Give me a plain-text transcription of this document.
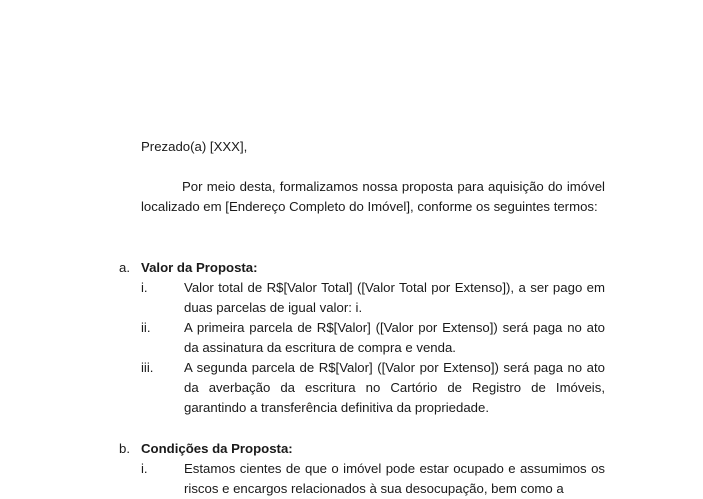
Prezado(a) [XXX],
Por meio desta, formalizamos nossa proposta para aquisição do imóvel localizado em [Endereço Completo do Imóvel], conforme os seguintes termos:
a. Valor da Proposta:
i.	Valor total de R$[Valor Total] ([Valor Total por Extenso]), a ser pago em duas parcelas de igual valor: i.
ii.	A primeira parcela de R$[Valor] ([Valor por Extenso]) será paga no ato da assinatura da escritura de compra e venda.
iii. A segunda parcela de R$[Valor] ([Valor por Extenso]) será paga no ato da averbação da escritura no Cartório de Registro de Imóveis, garantindo a transferência definitiva da propriedade.
b. Condições da Proposta:
i.	Estamos cientes de que o imóvel pode estar ocupado e assumimos os riscos e encargos relacionados à sua desocupação, bem como a
